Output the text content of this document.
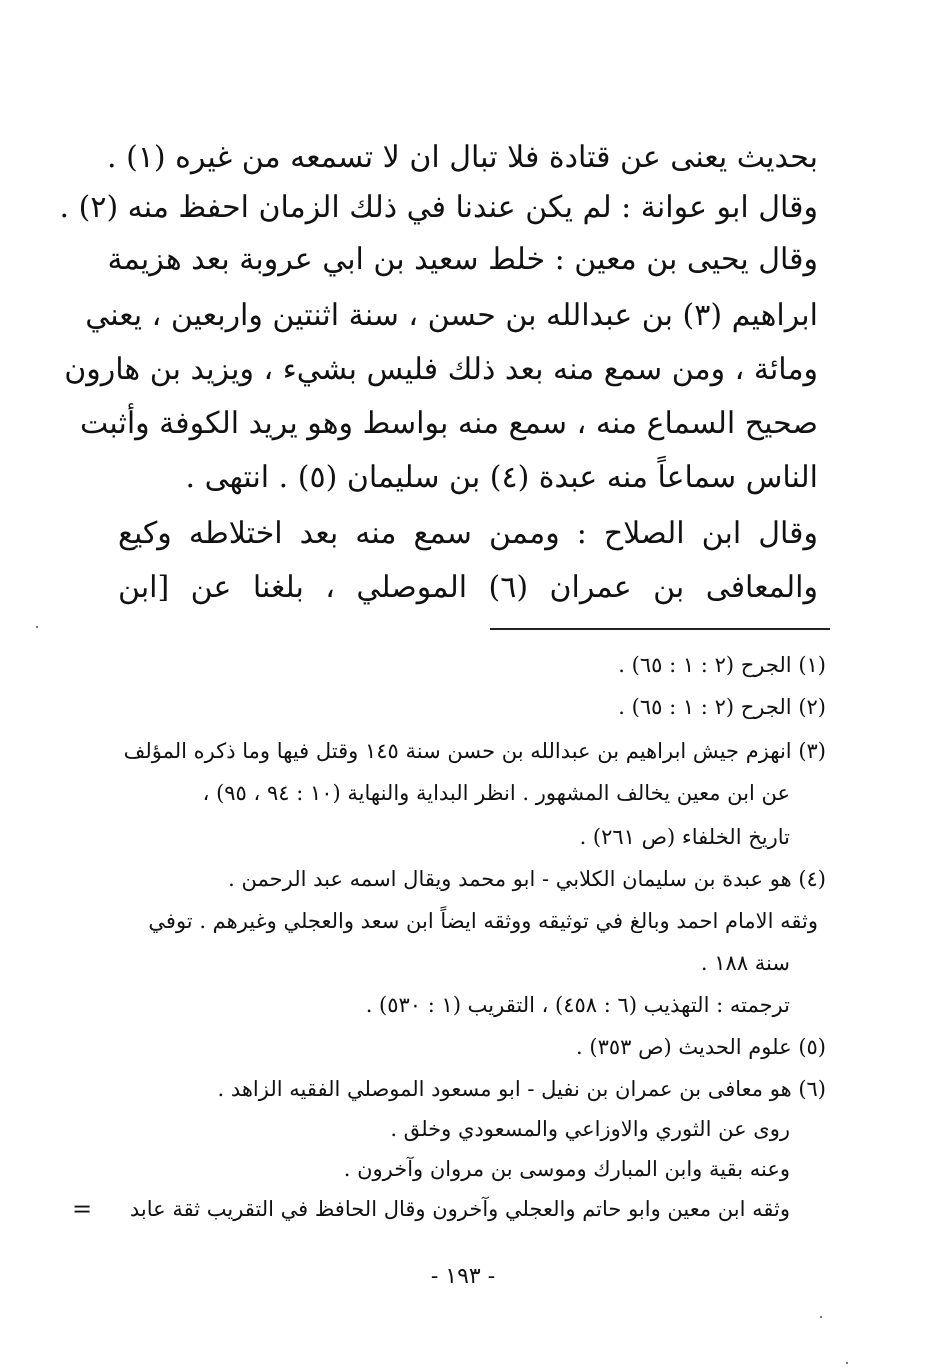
بحديث يعنى عن قتادة فلا تبال ان لا تسمعه من غيره (١) .
وقال ابو عوانة : لم يكن عندنا في ذلك الزمان احفظ منه (٢) .
وقال يحيى بن معين : خلط سعيد بن ابي عروبة بعد هزيمة
ابراهيم (٣) بن عبدالله بن حسن ، سنة اثنتين واربعين ، يعني
ومائة ، ومن سمع منه بعد ذلك فليس بشيء ، ويزيد بن هارون
صحيح السماع منه ، سمع منه بواسط وهو يريد الكوفة وأثبت
الناس سماعاً منه عبدة (٤) بن سليمان (٥) . انتهى .
وقال ابن الصلاح : وممن سمع منه بعد اختلاطه وكيع
والمعافى بن عمران (٦) الموصلي ، بلغنا عن [ابن
(١) الجرح (٢ : ١ : ٦٥) .
(٢) الجرح (٢ : ١ : ٦٥) .
(٣) انهزم جيش ابراهيم بن عبدالله بن حسن سنة ١٤٥ وقتل فيها وما ذكره المؤلف
عن ابن معين يخالف المشهور . انظر البداية والنهاية (١٠ : ٩٤ ، ٩٥) ،
تاريخ الخلفاء (ص ٢٦١) .
(٤) هو عبدة بن سليمان الكلابي - ابو محمد ويقال اسمه عبد الرحمن .
وثقه الامام احمد وبالغ في توثيقه ووثقه ايضاً ابن سعد والعجلي وغيرهم . توفي
سنة ١٨٨ .
ترجمته : التهذيب (٦ : ٤٥٨) ، التقريب (١ : ٥٣٠) .
(٥) علوم الحديث (ص ٣٥٣) .
(٦) هو معافى بن عمران بن نفيل - ابو مسعود الموصلي الفقيه الزاهد .
روى عن الثوري والاوزاعي والمسعودي وخلق .
وعنه بقية وابن المبارك وموسى بن مروان وآخرون .
وثقه ابن معين وابو حاتم والعجلي وآخرون وقال الحافظ في التقريب ثقة عابد
=
- ١٩٣ -
